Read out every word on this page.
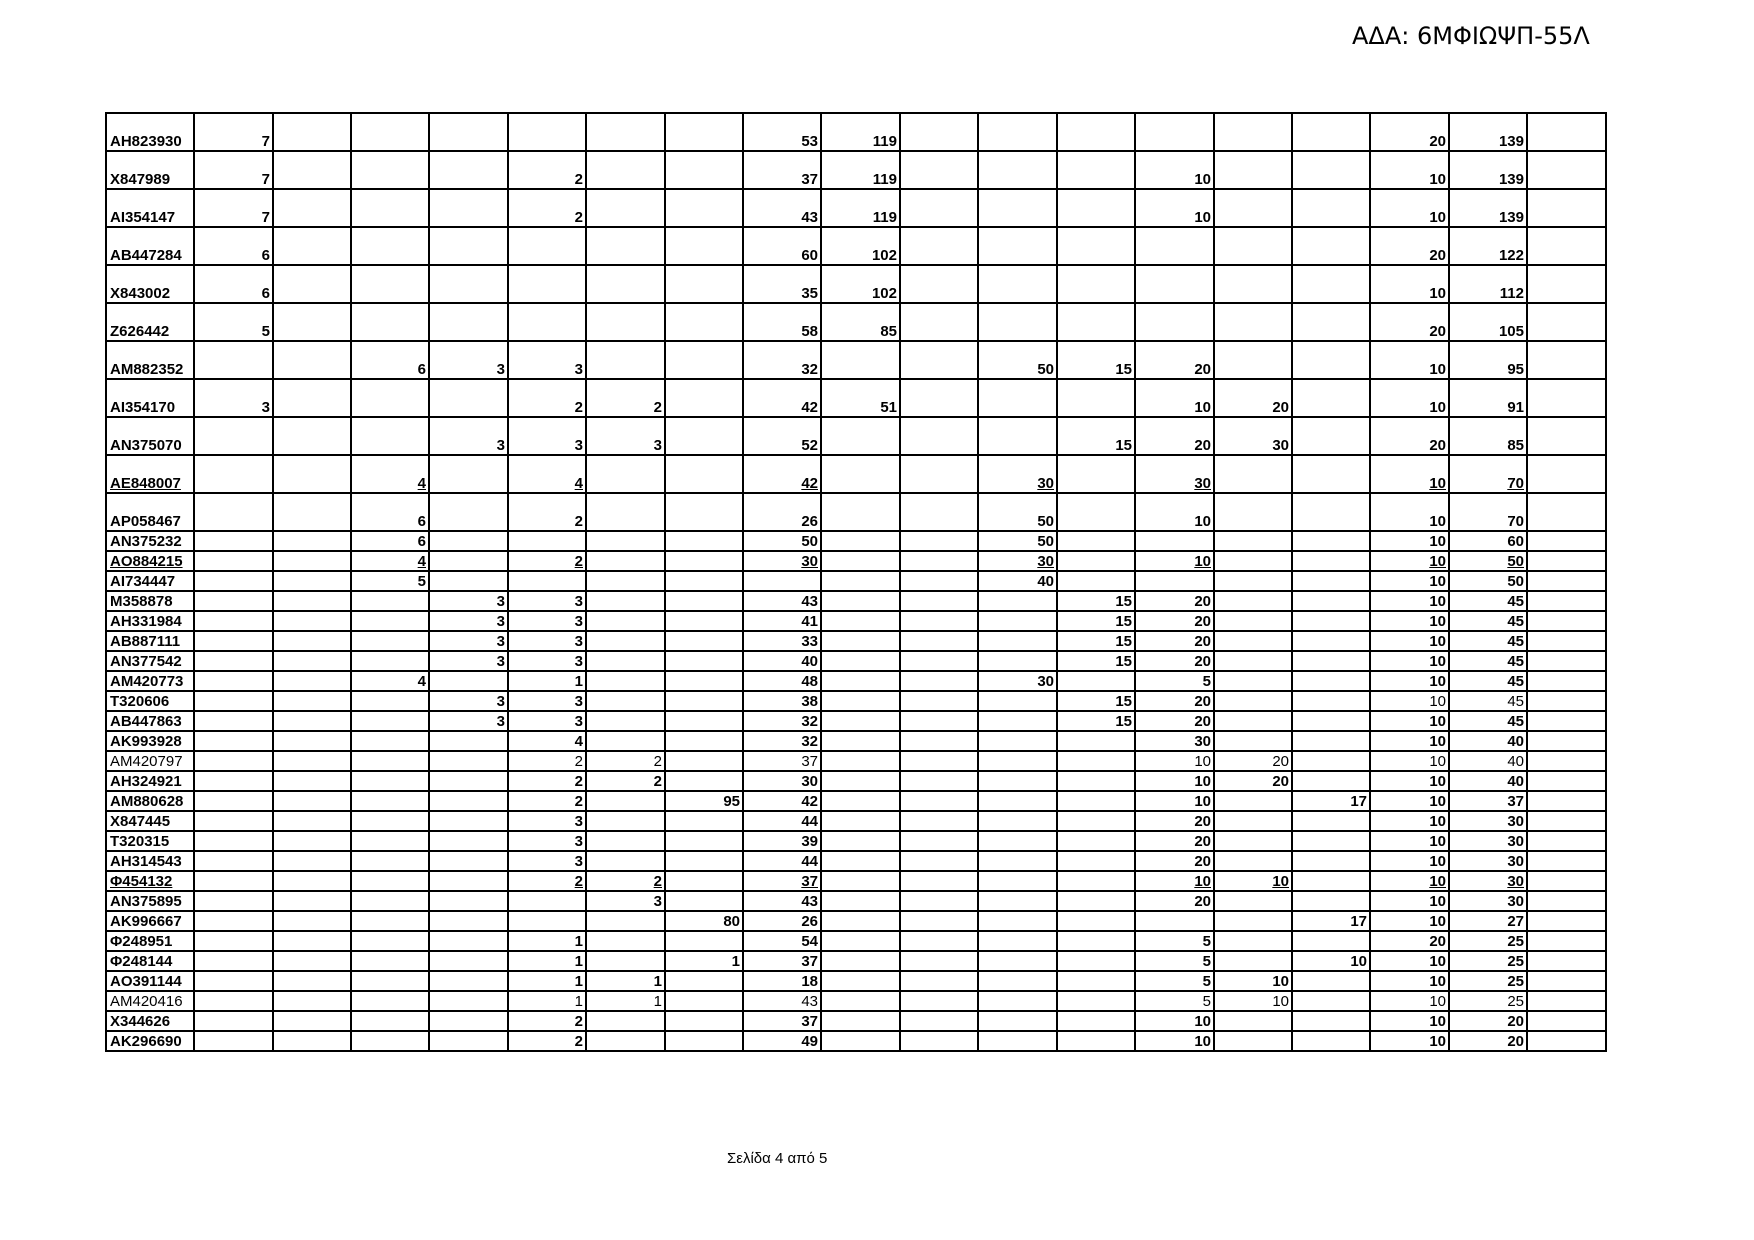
ΑΔΑ: 6ΜΦΙΩΨΠ-55Λ
AH823930	7							53	119							20	139	
X847989	7				2			37	119				10			10	139	
AI354147	7				2			43	119				10			10	139	
AB447284	6							60	102							20	122	
X843002	6							35	102							10	112	
Z626442	5							58	85							20	105	
AM882352			6	3	3			32			50	15	20			10	95	
AI354170	3				2	2		42	51				10	20		10	91	
AN375070				3	3	3		52				15	20	30		20	85	
AE848007			4		4			42			30		30			10	70	
AP058467			6		2			26			50		10			10	70	
AN375232			6					50			50					10	60	
AO884215			4		2			30			30		10			10	50	
AI734447			5								40					10	50	
M358878				3	3			43				15	20			10	45	
AH331984				3	3			41				15	20			10	45	
AB887111				3	3			33				15	20			10	45	
AN377542				3	3			40				15	20			10	45	
AM420773			4		1			48			30		5			10	45	
T320606				3	3			38				15	20			10	45	
AB447863				3	3			32				15	20			10	45	
AK993928					4			32					30			10	40	
AM420797					2	2		37					10	20		10	40	
AH324921					2	2		30					10	20		10	40	
AM880628					2		95	42					10		17	10	37	
X847445					3			44					20			10	30	
T320315					3			39					20			10	30	
AH314543					3			44					20			10	30	
Φ454132					2	2		37					10	10		10	30	
AN375895						3		43					20			10	30	
AK996667							80	26							17	10	27	
Φ248951					1			54					5			20	25	
Φ248144					1		1	37					5		10	10	25	
AO391144					1	1		18					5	10		10	25	
AM420416					1	1		43					5	10		10	25	
X344626					2			37					10			10	20	
AK296690					2			49					10			10	20	
Σελίδα 4 από 5
